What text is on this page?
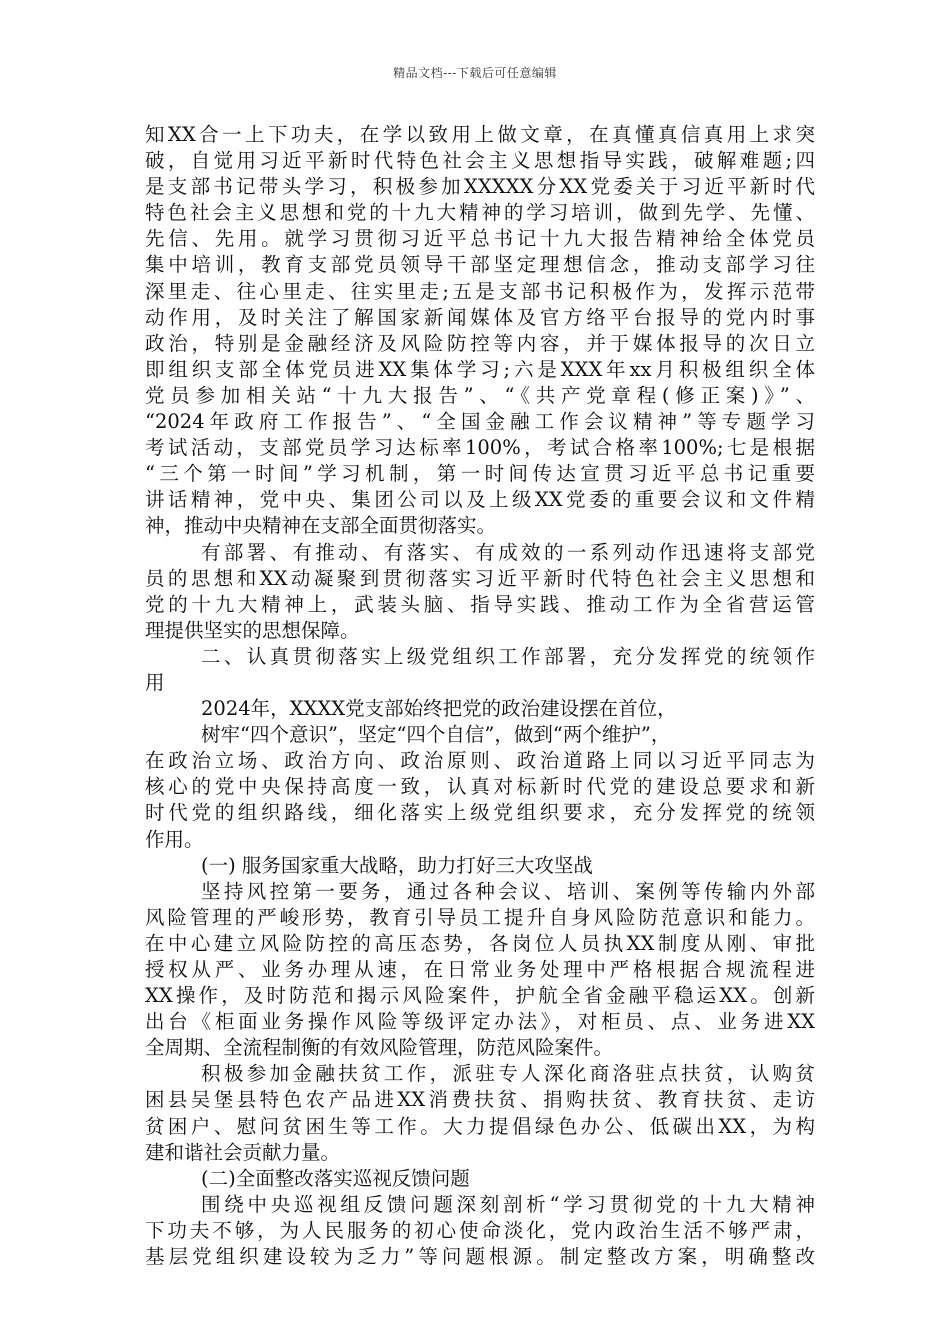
精品文档---下载后可任意编辑
知XX合一上下功夫，在学以致用上做文章，在真懂真信真用上求突
破，自觉用习近平新时代特色社会主义思想指导实践，破解难题;四
是支部书记带头学习，积极参加XXXXX分XX党委关于习近平新时代
特色社会主义思想和党的十九大精神的学习培训，做到先学、先懂、
先信、先用。就学习贯彻习近平总书记十九大报告精神给全体党员
集中培训，教育支部党员领导干部坚定理想信念，推动支部学习往
深里走、往心里走、往实里走;五是支部书记积极作为，发挥示范带
动作用，及时关注了解国家新闻媒体及官方络平台报导的党内时事
政治，特别是金融经济及风险防控等内容，并于媒体报导的次日立
即组织支部全体党员进XX集体学习;六是XXX年xx月积极组织全体
党员参加相关站“十九大报告”、“《共产党章程(修正案)》”、
“2024年政府工作报告”、“全国金融工作会议精神”等专题学习
考试活动，支部党员学习达标率100%，考试合格率100%;七是根据
“三个第一时间”学习机制，第一时间传达宣贯习近平总书记重要
讲话精神，党中央、集团公司以及上级XX党委的重要会议和文件精
神，推动中央精神在支部全面贯彻落实。
有部署、有推动、有落实、有成效的一系列动作迅速将支部党
员的思想和XX动凝聚到贯彻落实习近平新时代特色社会主义思想和
党的十九大精神上，武装头脑、指导实践、推动工作为全省营运管
理提供坚实的思想保障。
二、认真贯彻落实上级党组织工作部署，充分发挥党的统领作
用
2024年，XXXX党支部始终把党的政治建设摆在首位，
树牢“四个意识”，坚定“四个自信”，做到“两个维护”，
在政治立场、政治方向、政治原则、政治道路上同以习近平同志为
核心的党中央保持高度一致，认真对标新时代党的建设总要求和新
时代党的组织路线，细化落实上级党组织要求，充分发挥党的统领
作用。
(一) 服务国家重大战略，助力打好三大攻坚战
坚持风控第一要务，通过各种会议、培训、案例等传输内外部
风险管理的严峻形势，教育引导员工提升自身风险防范意识和能力。
在中心建立风险防控的高压态势，各岗位人员执XX制度从刚、审批
授权从严、业务办理从速，在日常业务处理中严格根据合规流程进
XX操作，及时防范和揭示风险案件，护航全省金融平稳运XX。创新
出台《柜面业务操作风险等级评定办法》，对柜员、点、业务进XX
全周期、全流程制衡的有效风险管理，防范风险案件。
积极参加金融扶贫工作，派驻专人深化商洛驻点扶贫，认购贫
困县吴堡县特色农产品进XX消费扶贫、捐购扶贫、教育扶贫、走访
贫困户、慰问贫困生等工作。大力提倡绿色办公、低碳出XX，为构
建和谐社会贡献力量。
(二)全面整改落实巡视反馈问题
围绕中央巡视组反馈问题深刻剖析“学习贯彻党的十九大精神
下功夫不够，为人民服务的初心使命淡化，党内政治生活不够严肃，
基层党组织建设较为乏力”等问题根源。制定整改方案，明确整改
